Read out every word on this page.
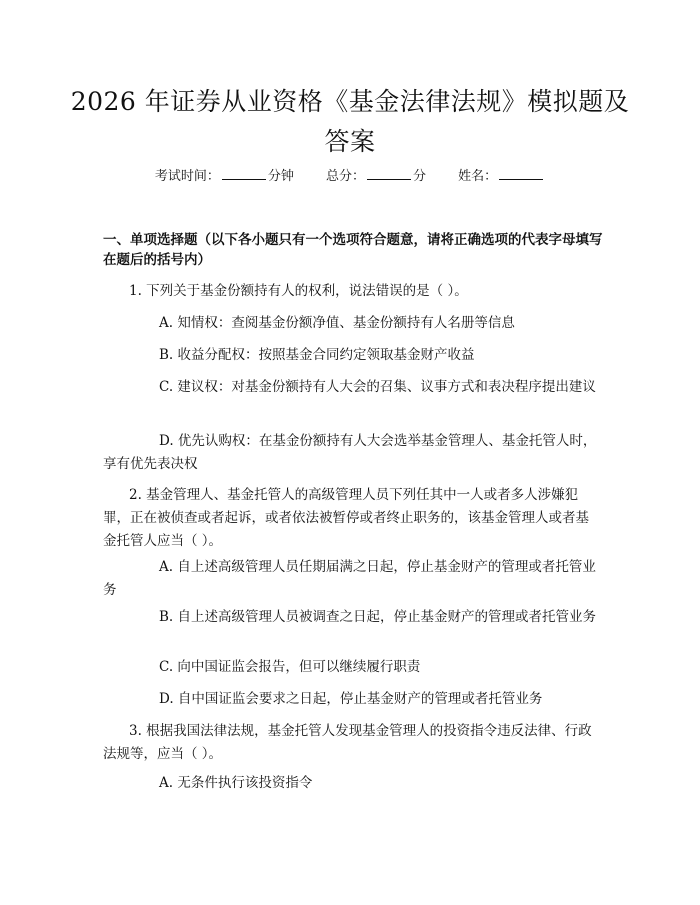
2026 年证券从业资格《基金法律法规》模拟题及答案
考试时间：	分钟 总分：	分 姓名：
一、单项选择题（以下各小题只有一个选项符合题意，请将正确选项的代表字母填写在题后的括号内）
1. 下列关于基金份额持有人的权利，说法错误的是（ ）。
A. 知情权：查阅基金份额净值、基金份额持有人名册等信息
B. 收益分配权：按照基金合同约定领取基金财产收益
C. 建议权：对基金份额持有人大会的召集、议事方式和表决程序提出建议
D. 优先认购权：在基金份额持有人大会选举基金管理人、基金托管人时，享有优先表决权
2. 基金管理人、基金托管人的高级管理人员下列任其中一人或者多人涉嫌犯罪，正在被侦查或者起诉，或者依法被暂停或者终止职务的，该基金管理人或者基金托管人应当（ ）。
A. 自上述高级管理人员任期届满之日起，停止基金财产的管理或者托管业务
B. 自上述高级管理人员被调查之日起，停止基金财产的管理或者托管业务
C. 向中国证监会报告，但可以继续履行职责
D. 自中国证监会要求之日起，停止基金财产的管理或者托管业务
3. 根据我国法律法规，基金托管人发现基金管理人的投资指令违反法律、行政法规等，应当（ ）。
A. 无条件执行该投资指令
